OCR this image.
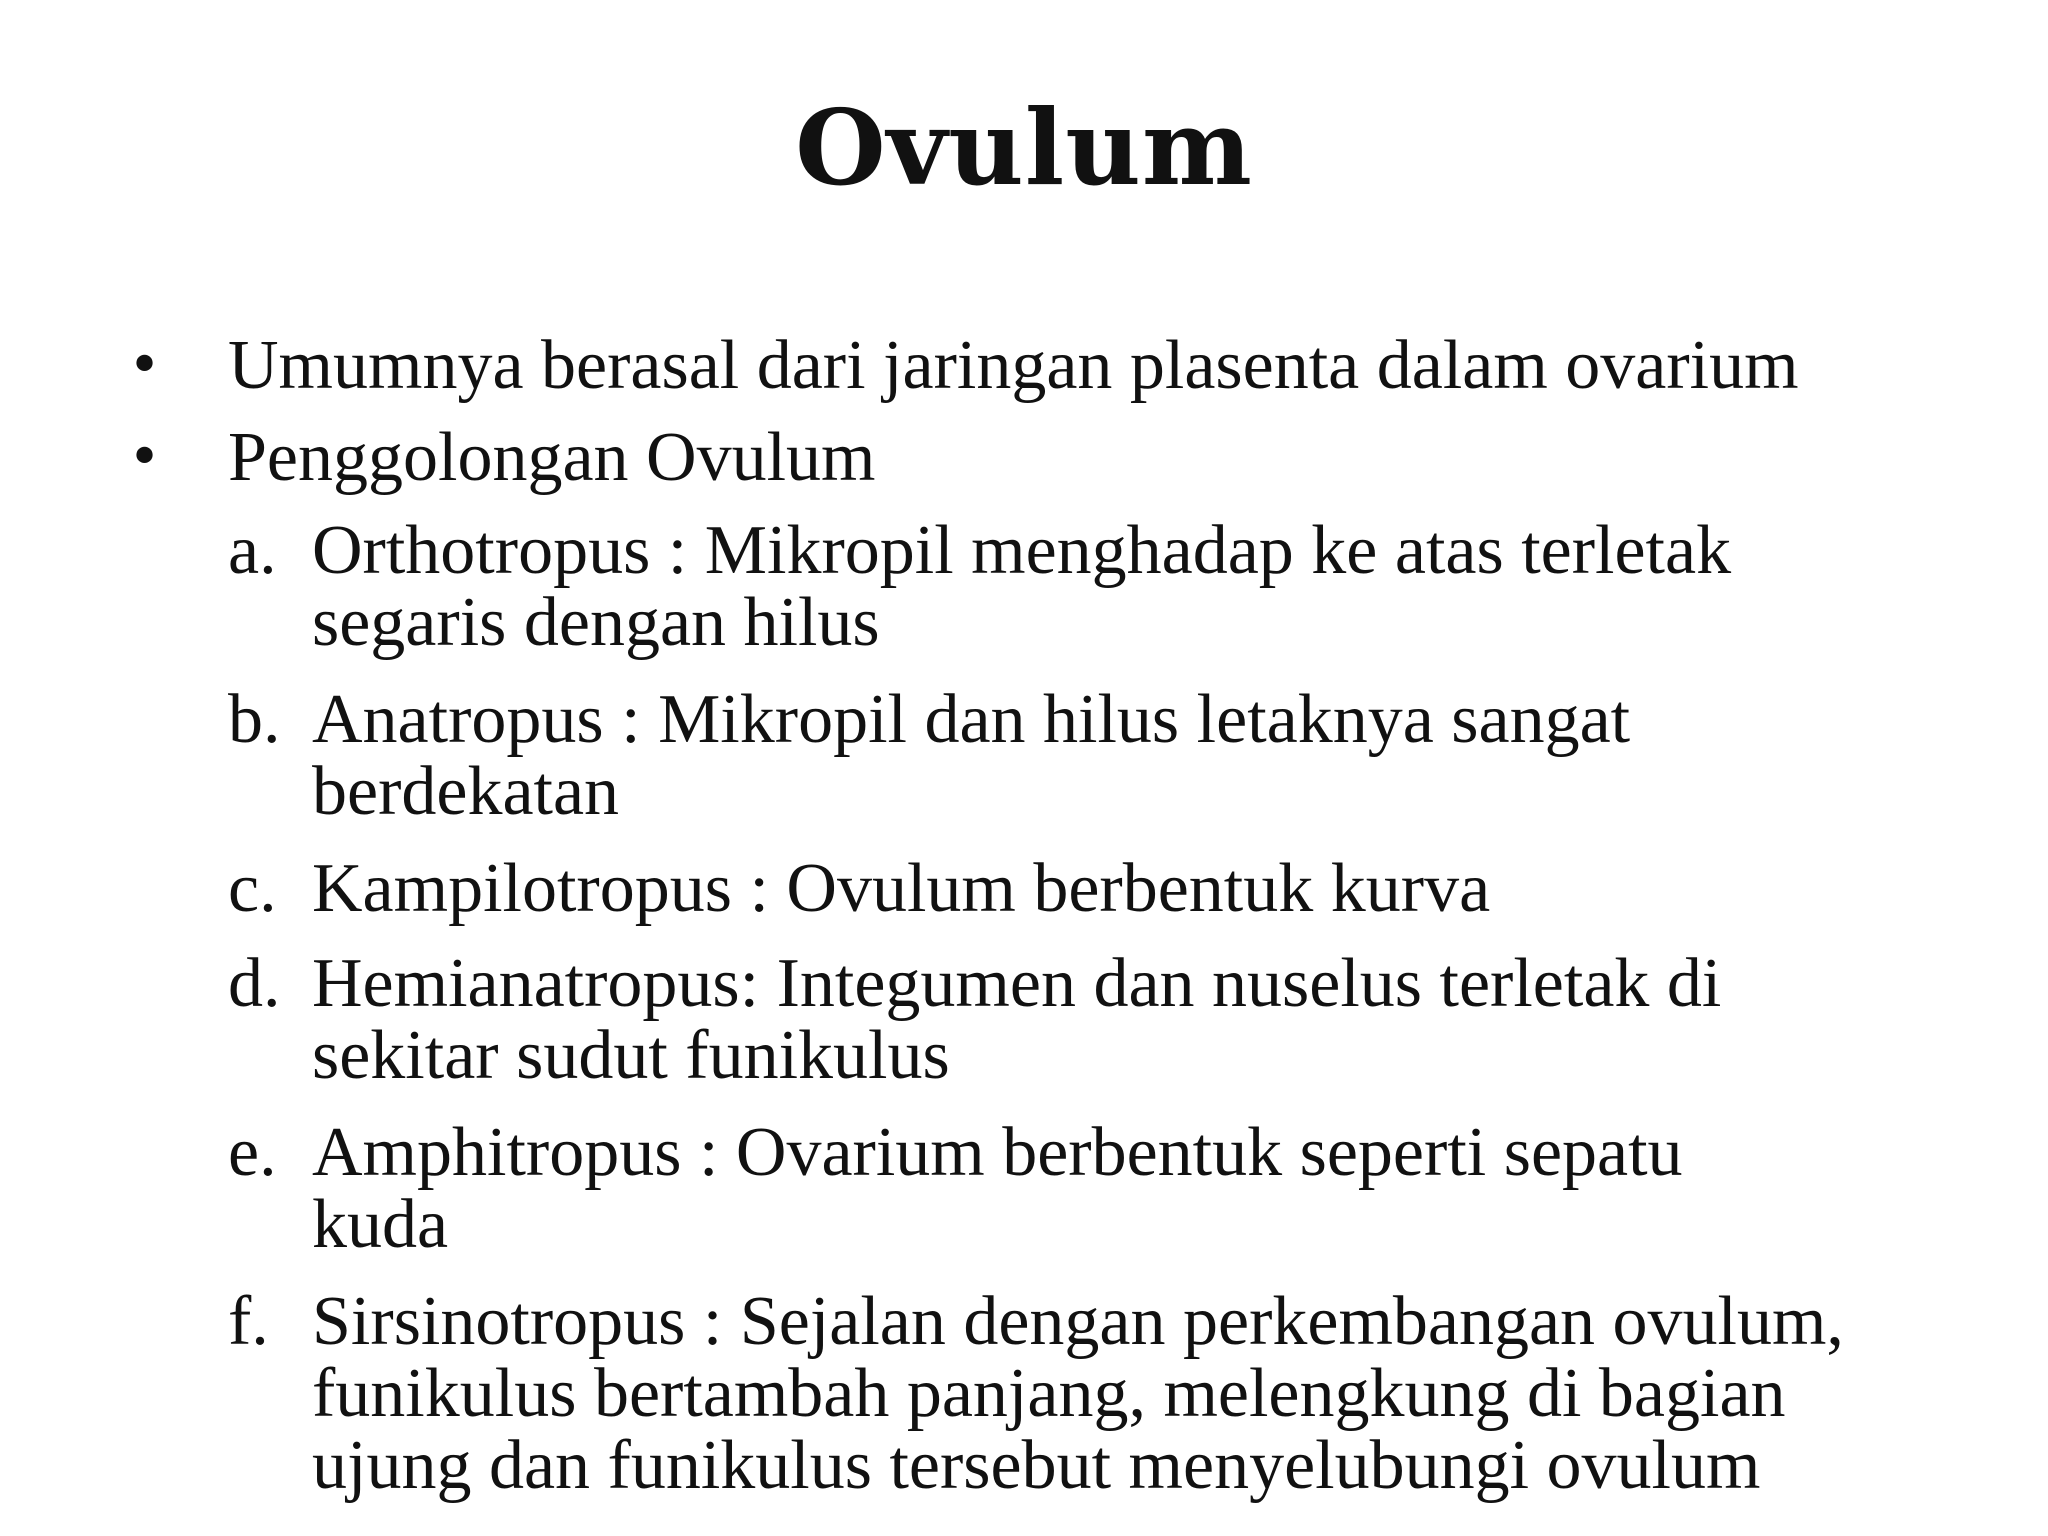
Ovulum
• Umumnya berasal dari jaringan plasenta dalam ovarium
• Penggolongan Ovulum
a. Orthotropus : Mikropil menghadap ke atas terletak
segaris dengan hilus
b. Anatropus : Mikropil dan hilus letaknya sangat
berdekatan
c. Kampilotropus : Ovulum berbentuk kurva
d. Hemianatropus: Integumen dan nuselus terletak di
sekitar sudut funikulus
e. Amphitropus : Ovarium berbentuk seperti sepatu
kuda
f. Sirsinotropus : Sejalan dengan perkembangan ovulum,
funikulus bertambah panjang, melengkung di bagian
ujung dan funikulus tersebut menyelubungi ovulum
